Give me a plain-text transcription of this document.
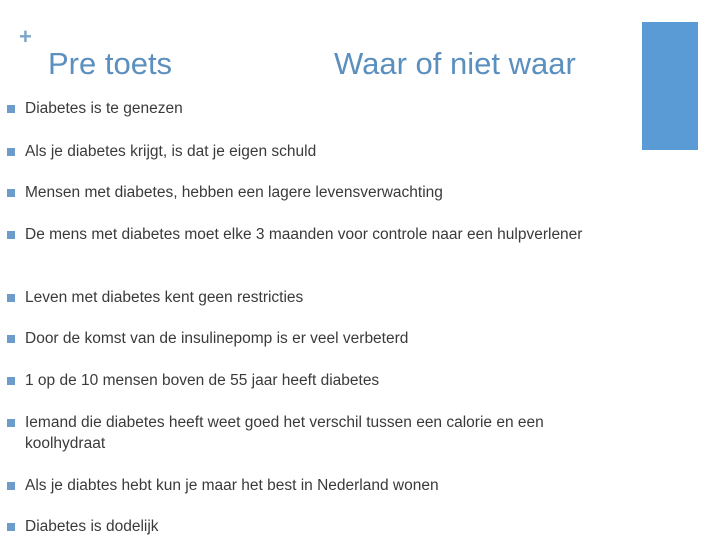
+
Pre toets	Waar of niet waar
Diabetes is te genezen
Als je diabetes krijgt, is dat je eigen schuld
Mensen met diabetes, hebben een lagere levensverwachting
De mens met diabetes moet elke 3 maanden voor controle naar een hulpverlener
Leven met diabetes kent geen restricties
Door de komst van de insulinepomp is er veel verbeterd
1 op de 10 mensen boven de 55 jaar heeft diabetes
Iemand die diabetes heeft weet goed het verschil tussen een calorie en een koolhydraat
Als je diabtes hebt kun je maar het best in Nederland wonen
Diabetes is dodelijk
